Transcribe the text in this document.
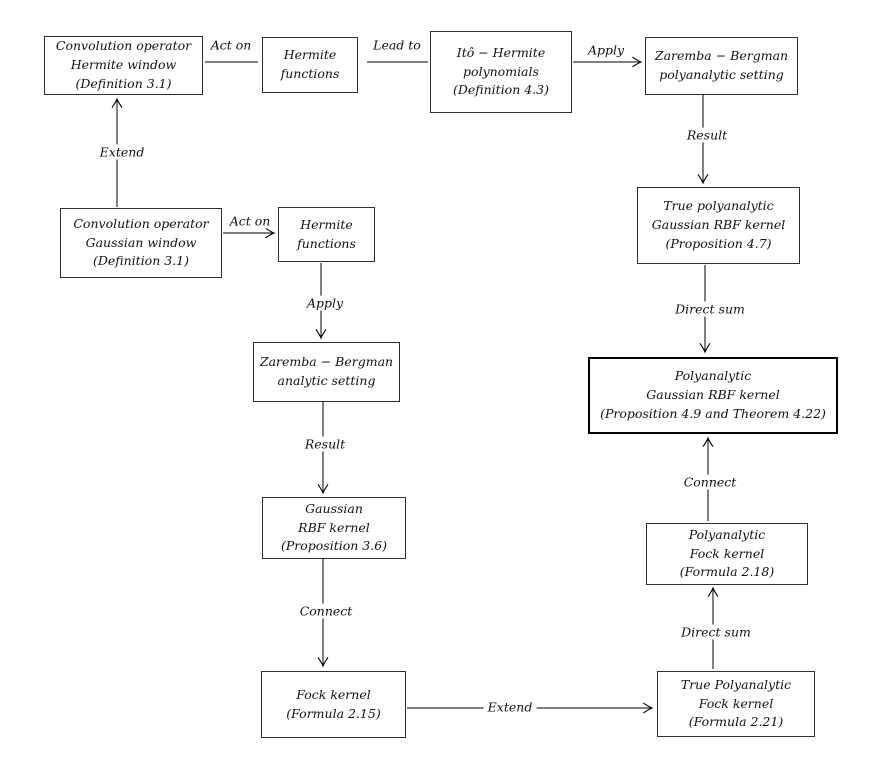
Convolution operator
Hermite window
(Definition 3.1)
Hermite
functions
Itô − Hermite
polynomials
(Definition 4.3)
Zaremba − Bergman
polyanalytic setting
True polyanalytic
Gaussian RBF kernel
(Proposition 4.7)
Polyanalytic
Gaussian RBF kernel
(Proposition 4.9 and Theorem 4.22)
Polyanalytic
Fock kernel
(Formula 2.18)
True Polyanalytic
Fock kernel
(Formula 2.21)
Convolution operator
Gaussian window
(Definition 3.1)
Hermite
functions
Zaremba − Bergman
analytic setting
Gaussian
RBF kernel
(Proposition 3.6)
Fock kernel
(Formula 2.15)
Act on	Lead to	Apply
Result
Direct sum
Connect
Direct sum
Extend
Extend
Act on
Apply
Result
Connect
